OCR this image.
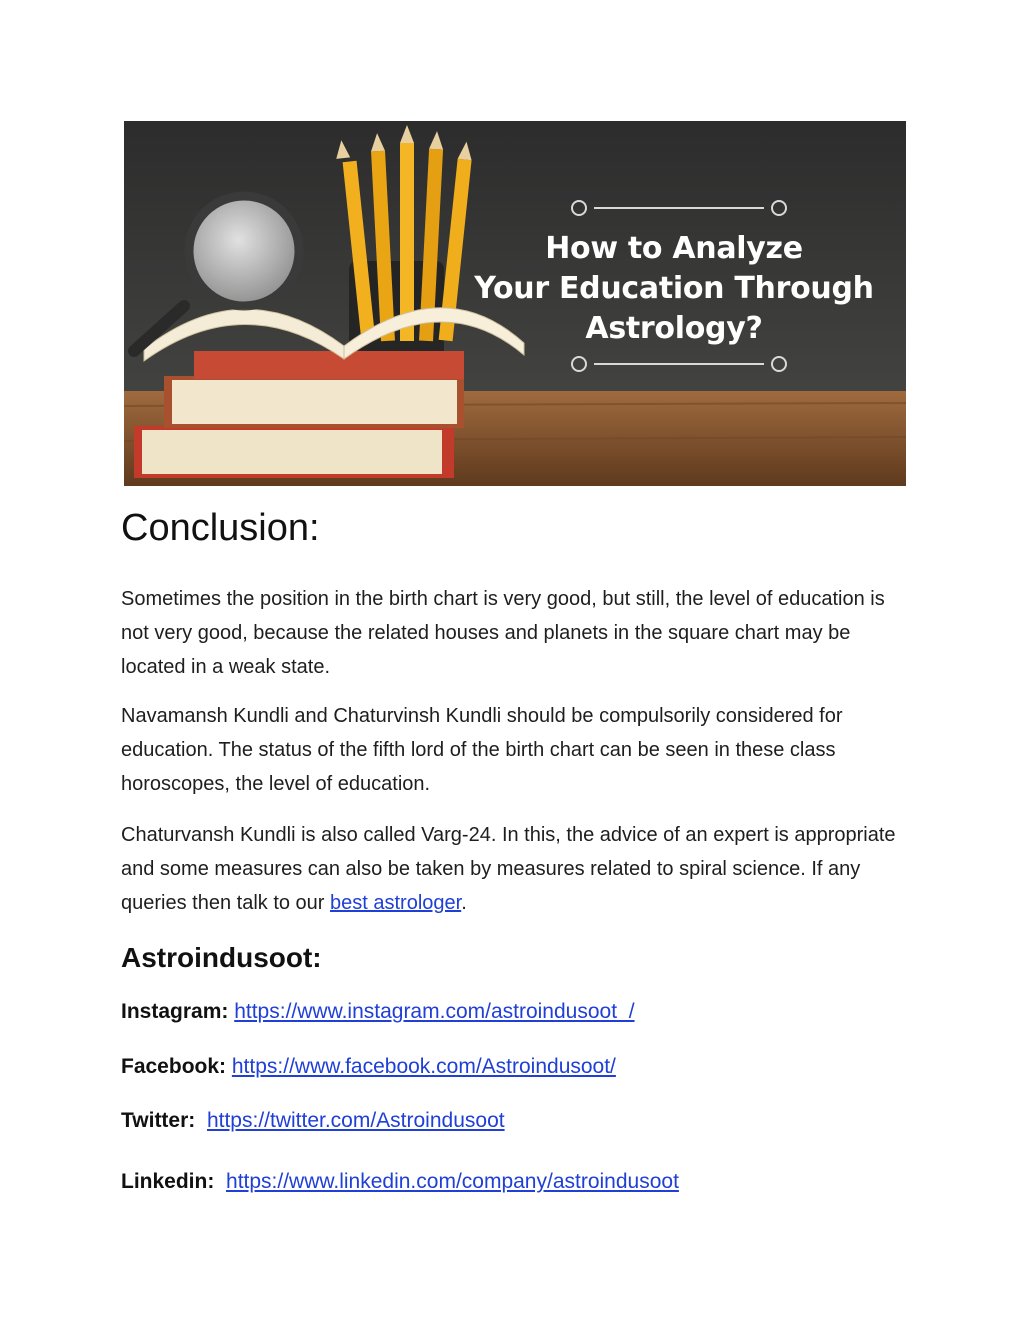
How to Analyze
Your Education Through
Astrology?
Conclusion:

Sometimes the position in the birth chart is very good, but still, the level of education is not very good, because the related houses and planets in the square chart may be located in a weak state.

Navamansh Kundli and Chaturvinsh Kundli should be compulsorily considered for education. The status of the fifth lord of the birth chart can be seen in these class horoscopes, the level of education.

Chaturvansh Kundli is also called Varg-24. In this, the advice of an expert is appropriate and some measures can also be taken by measures related to spiral science. If any queries then talk to our best astrologer.

Astroindusoot:
Instagram: https://www.instagram.com/astroindusoot_/
Facebook: https://www.facebook.com/Astroindusoot/
Twitter: https://twitter.com/Astroindusoot
Linkedin: https://www.linkedin.com/company/astroindusoot
